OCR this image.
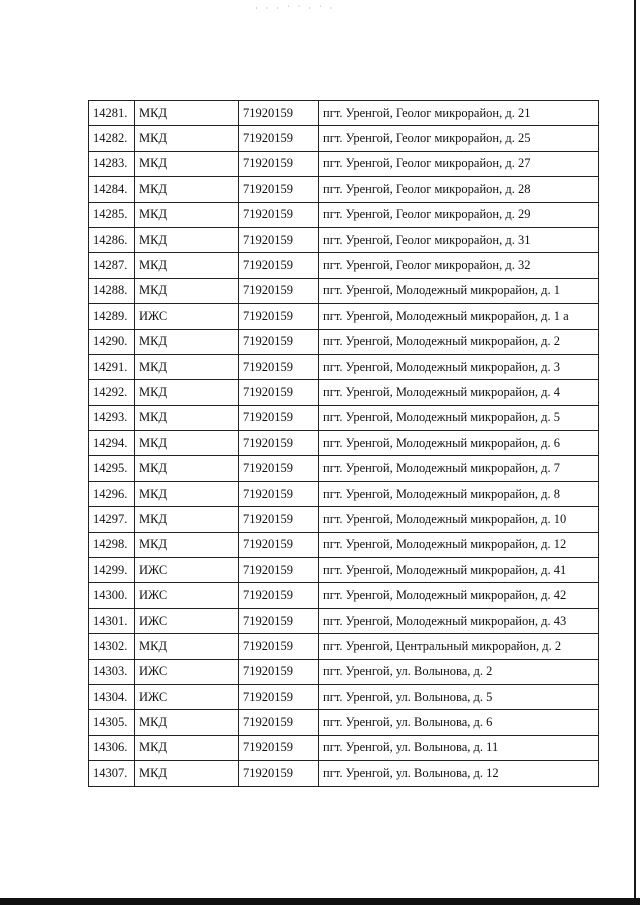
· · · ˙ ˙ · ˙ ·
14281.	МКД	71920159	пгт. Уренгой, Геолог микрорайон, д. 21
14282.	МКД	71920159	пгт. Уренгой, Геолог микрорайон, д. 25
14283.	МКД	71920159	пгт. Уренгой, Геолог микрорайон, д. 27
14284.	МКД	71920159	пгт. Уренгой, Геолог микрорайон, д. 28
14285.	МКД	71920159	пгт. Уренгой, Геолог микрорайон, д. 29
14286.	МКД	71920159	пгт. Уренгой, Геолог микрорайон, д. 31
14287.	МКД	71920159	пгт. Уренгой, Геолог микрорайон, д. 32
14288.	МКД	71920159	пгт. Уренгой, Молодежный микрорайон, д. 1
14289.	ИЖС	71920159	пгт. Уренгой, Молодежный микрорайон, д. 1 а
14290.	МКД	71920159	пгт. Уренгой, Молодежный микрорайон, д. 2
14291.	МКД	71920159	пгт. Уренгой, Молодежный микрорайон, д. 3
14292.	МКД	71920159	пгт. Уренгой, Молодежный микрорайон, д. 4
14293.	МКД	71920159	пгт. Уренгой, Молодежный микрорайон, д. 5
14294.	МКД	71920159	пгт. Уренгой, Молодежный микрорайон, д. 6
14295.	МКД	71920159	пгт. Уренгой, Молодежный микрорайон, д. 7
14296.	МКД	71920159	пгт. Уренгой, Молодежный микрорайон, д. 8
14297.	МКД	71920159	пгт. Уренгой, Молодежный микрорайон, д. 10
14298.	МКД	71920159	пгт. Уренгой, Молодежный микрорайон, д. 12
14299.	ИЖС	71920159	пгт. Уренгой, Молодежный микрорайон, д. 41
14300.	ИЖС	71920159	пгт. Уренгой, Молодежный микрорайон, д. 42
14301.	ИЖС	71920159	пгт. Уренгой, Молодежный микрорайон, д. 43
14302.	МКД	71920159	пгт. Уренгой, Центральный микрорайон, д. 2
14303.	ИЖС	71920159	пгт. Уренгой, ул. Волынова, д. 2
14304.	ИЖС	71920159	пгт. Уренгой, ул. Волынова, д. 5
14305.	МКД	71920159	пгт. Уренгой, ул. Волынова, д. 6
14306.	МКД	71920159	пгт. Уренгой, ул. Волынова, д. 11
14307.	МКД	71920159	пгт. Уренгой, ул. Волынова, д. 12
